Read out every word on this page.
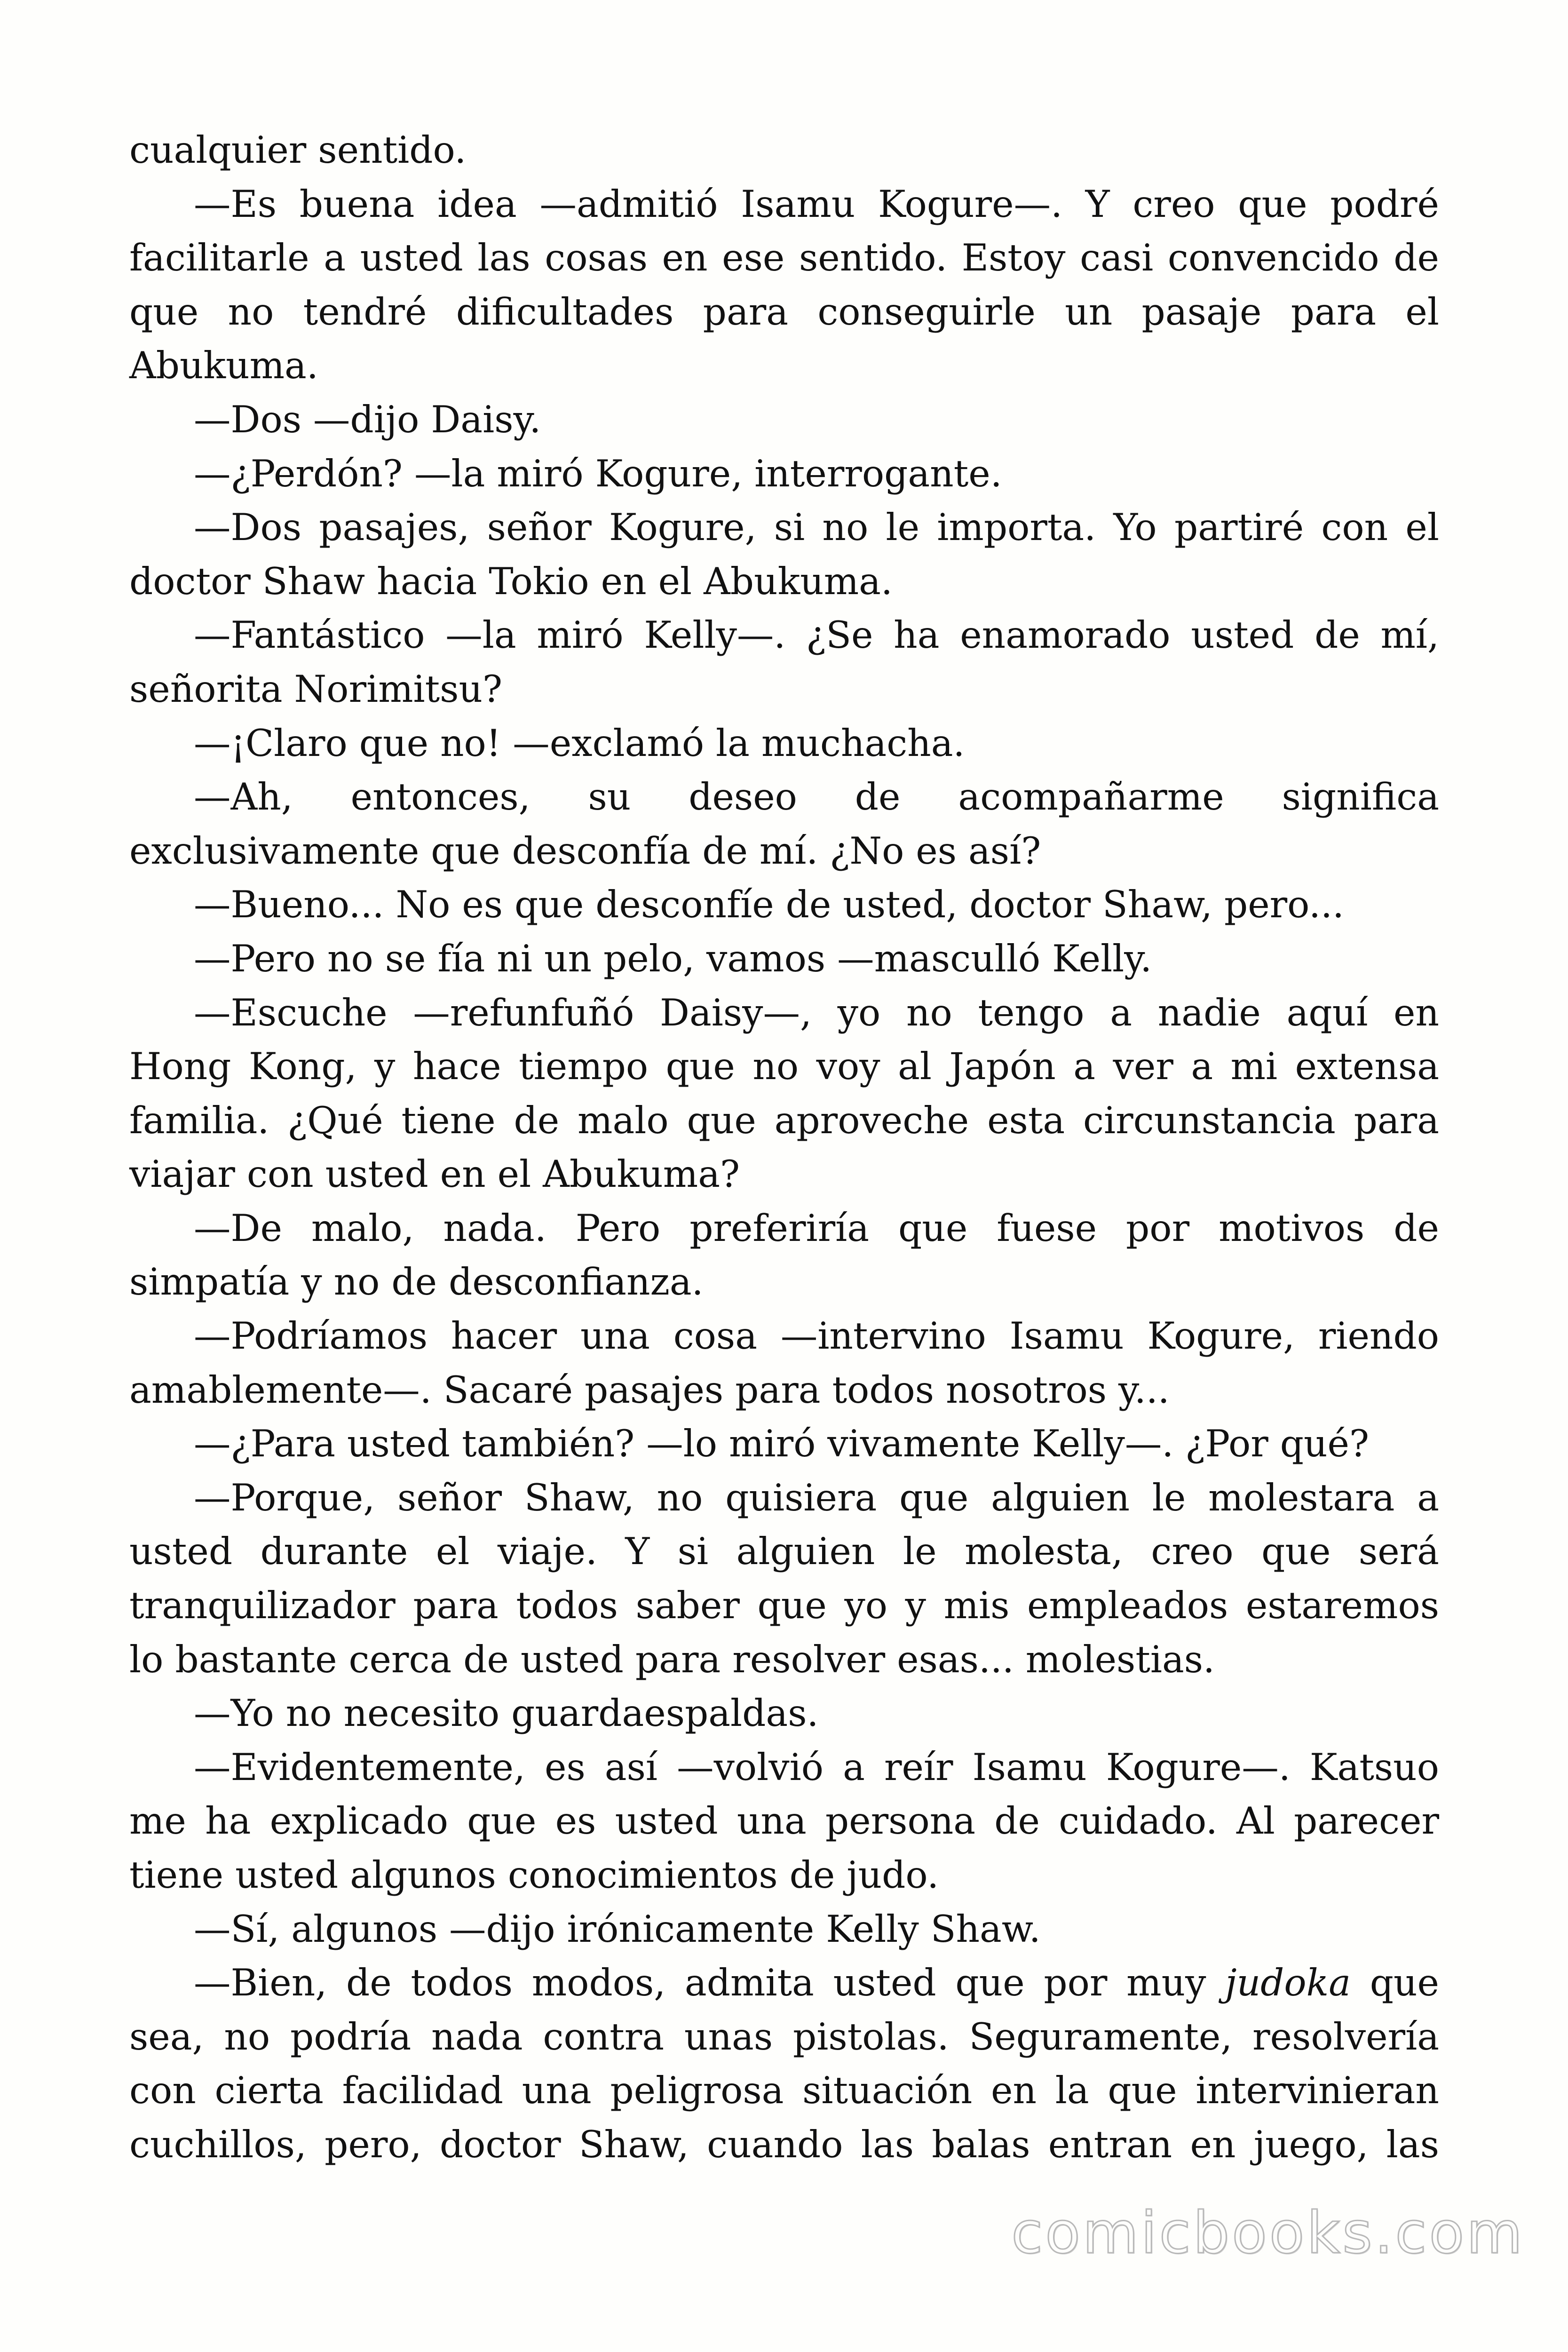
cualquier sentido.
—Es buena idea —admitió Isamu Kogure—. Y creo que podré
facilitarle a usted las cosas en ese sentido. Estoy casi convencido de
que no tendré dificultades para conseguirle un pasaje para el
Abukuma.
—Dos —dijo Daisy.
—¿Perdón? —la miró Kogure, interrogante.
—Dos pasajes, señor Kogure, si no le importa. Yo partiré con el
doctor Shaw hacia Tokio en el Abukuma.
—Fantástico —la miró Kelly—. ¿Se ha enamorado usted de mí,
señorita Norimitsu?
—¡Claro que no! —exclamó la muchacha.
—Ah, entonces, su deseo de acompañarme significa
exclusivamente que desconfía de mí. ¿No es así?
—Bueno... No es que desconfíe de usted, doctor Shaw, pero...
—Pero no se fía ni un pelo, vamos —masculló Kelly.
—Escuche —refunfuñó Daisy—, yo no tengo a nadie aquí en
Hong Kong, y hace tiempo que no voy al Japón a ver a mi extensa
familia. ¿Qué tiene de malo que aproveche esta circunstancia para
viajar con usted en el Abukuma?
—De malo, nada. Pero preferiría que fuese por motivos de
simpatía y no de desconfianza.
—Podríamos hacer una cosa —intervino Isamu Kogure, riendo
amablemente—. Sacaré pasajes para todos nosotros y...
—¿Para usted también? —lo miró vivamente Kelly—. ¿Por qué?
—Porque, señor Shaw, no quisiera que alguien le molestara a
usted durante el viaje. Y si alguien le molesta, creo que será
tranquilizador para todos saber que yo y mis empleados estaremos
lo bastante cerca de usted para resolver esas... molestias.
—Yo no necesito guardaespaldas.
—Evidentemente, es así —volvió a reír Isamu Kogure—. Katsuo
me ha explicado que es usted una persona de cuidado. Al parecer
tiene usted algunos conocimientos de judo.
—Sí, algunos —dijo irónicamente Kelly Shaw.
—Bien, de todos modos, admita usted que por muy judoka que
sea, no podría nada contra unas pistolas. Seguramente, resolvería
con cierta facilidad una peligrosa situación en la que intervinieran
cuchillos, pero, doctor Shaw, cuando las balas entran en juego, las
comicbooks.com
